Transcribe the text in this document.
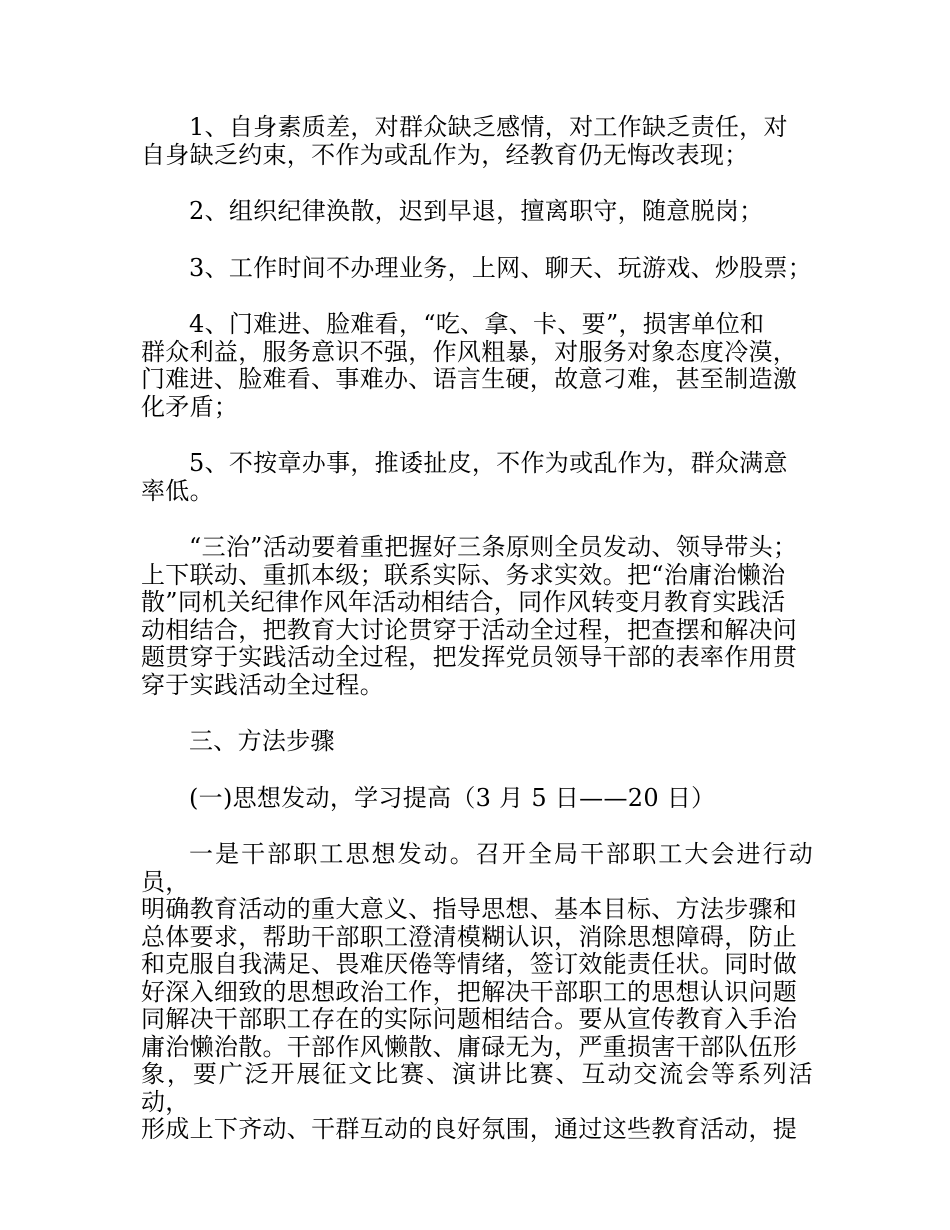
1、自身素质差，对群众缺乏感情，对工作缺乏责任，对
自身缺乏约束，不作为或乱作为，经教育仍无悔改表现；

2、组织纪律涣散，迟到早退，擅离职守，随意脱岗；

3、工作时间不办理业务，上网、聊天、玩游戏、炒股票；

4、门难进、脸难看，“吃、拿、卡、要”，损害单位和
群众利益，服务意识不强，作风粗暴，对服务对象态度冷漠，
门难进、脸难看、事难办、语言生硬，故意刁难，甚至制造激
化矛盾；

5、不按章办事，推诿扯皮，不作为或乱作为，群众满意
率低。

“三治”活动要着重把握好三条原则全员发动、领导带头；
上下联动、重抓本级；联系实际、务求实效。把“治庸治懒治
散”同机关纪律作风年活动相结合，同作风转变月教育实践活
动相结合，把教育大讨论贯穿于活动全过程，把查摆和解决问
题贯穿于实践活动全过程，把发挥党员领导干部的表率作用贯
穿于实践活动全过程。

三、方法步骤

(一)思想发动，学习提高（3 月 5 日——20 日）

一是干部职工思想发动。召开全局干部职工大会进行动员，
明确教育活动的重大意义、指导思想、基本目标、方法步骤和
总体要求，帮助干部职工澄清模糊认识，消除思想障碍，防止
和克服自我满足、畏难厌倦等情绪，签订效能责任状。同时做
好深入细致的思想政治工作，把解决干部职工的思想认识问题
同解决干部职工存在的实际问题相结合。要从宣传教育入手治
庸治懒治散。干部作风懒散、庸碌无为，严重损害干部队伍形
象，要广泛开展征文比赛、演讲比赛、互动交流会等系列活动，
形成上下齐动、干群互动的良好氛围，通过这些教育活动，提
